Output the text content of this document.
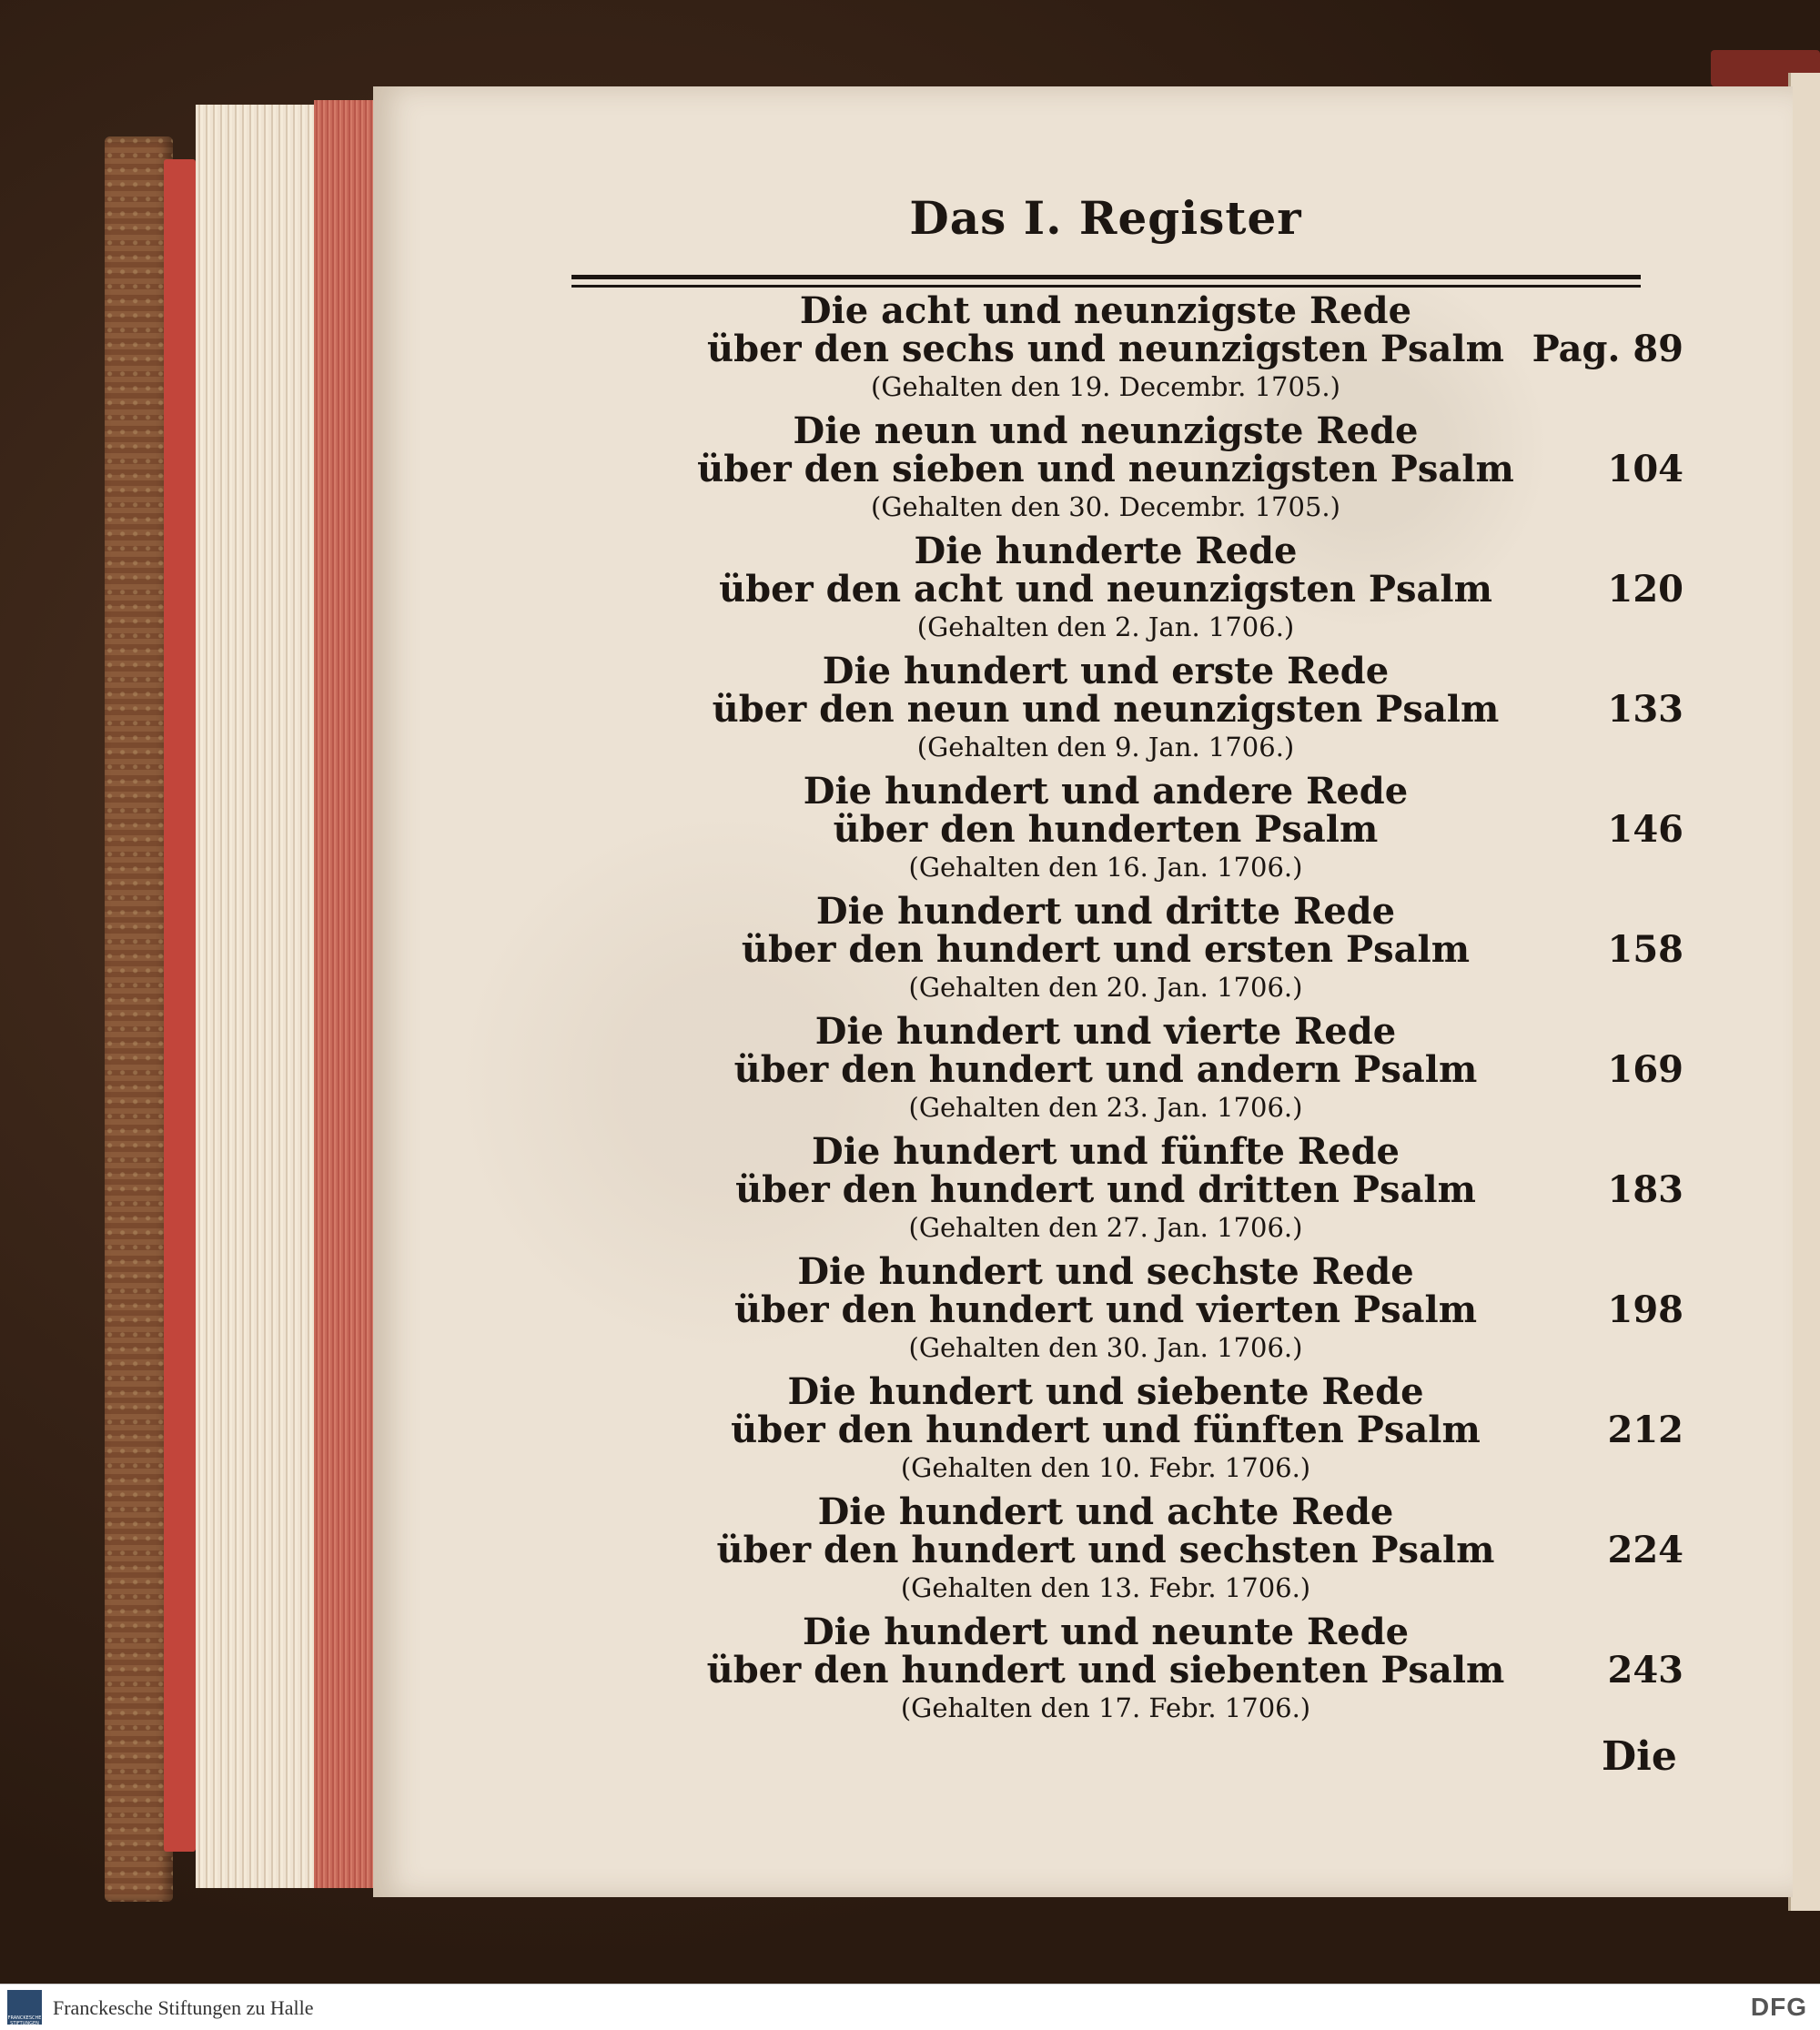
Das I. Register
Die acht und neunzigste Rede
über den sechs und neunzigsten Psalm
(Gehalten den 19. Decembr. 1705.)
Pag. 89
Die neun und neunzigste Rede
über den sieben und neunzigsten Psalm
(Gehalten den 30. Decembr. 1705.)
104
Die hunderte Rede
über den acht und neunzigsten Psalm
(Gehalten den 2. Jan. 1706.)
120
Die hundert und erste Rede
über den neun und neunzigsten Psalm
(Gehalten den 9. Jan. 1706.)
133
Die hundert und andere Rede
über den hunderten Psalm
(Gehalten den 16. Jan. 1706.)
146
Die hundert und dritte Rede
über den hundert und ersten Psalm
(Gehalten den 20. Jan. 1706.)
158
Die hundert und vierte Rede
über den hundert und andern Psalm
(Gehalten den 23. Jan. 1706.)
169
Die hundert und fünfte Rede
über den hundert und dritten Psalm
(Gehalten den 27. Jan. 1706.)
183
Die hundert und sechste Rede
über den hundert und vierten Psalm
(Gehalten den 30. Jan. 1706.)
198
Die hundert und siebente Rede
über den hundert und fünften Psalm
(Gehalten den 10. Febr. 1706.)
212
Die hundert und achte Rede
über den hundert und sechsten Psalm
(Gehalten den 13. Febr. 1706.)
224
Die hundert und neunte Rede
über den hundert und siebenten Psalm
(Gehalten den 17. Febr. 1706.)
243
Die
FRANCKESCHE STIFTUNGEN
Franckesche Stiftungen zu Halle	DFG
